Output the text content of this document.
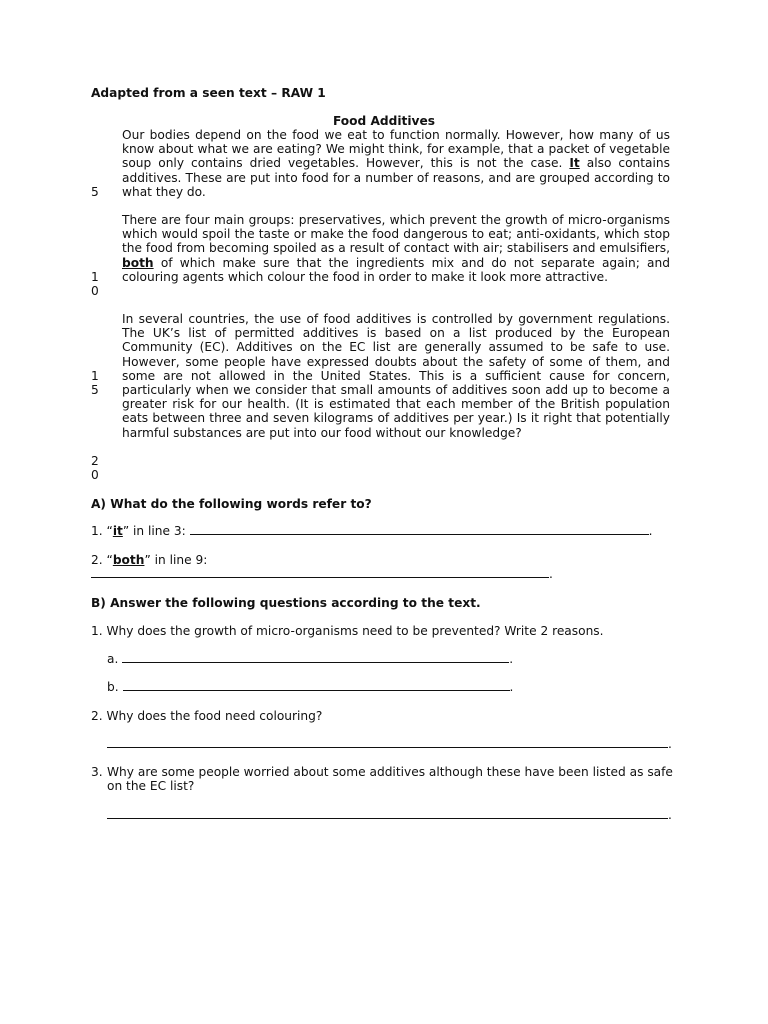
Adapted from a seen text – RAW 1
Food Additives
Our bodies depend on the food we eat to function normally. However, how many of us know about what we are eating? We might think, for example, that a packet of vegetable soup only contains dried vegetables. However, this is not the case. It also contains additives. These are put into food for a number of reasons, and are grouped according to what they do.
There are four main groups: preservatives, which prevent the growth of micro-organisms which would spoil the taste or make the food dangerous to eat; anti-oxidants, which stop the food from becoming spoiled as a result of contact with air; stabilisers and emulsifiers, both of which make sure that the ingredients mix and do not separate again; and colouring agents which colour the food in order to make it look more attractive.
In several countries, the use of food additives is controlled by government regulations. The UK’s list of permitted additives is based on a list produced by the European Community (EC). Additives on the EC list are generally assumed to be safe to use. However, some people have expressed doubts about the safety of some of them, and some are not allowed in the United States. This is a sufficient cause for concern, particularly when we consider that small amounts of additives soon add up to become a greater risk for our health. (It is estimated that each member of the British population eats between three and seven kilograms of additives per year.) Is it right that potentially harmful substances are put into our food without our knowledge?
5
1
0
1
5
2
0
A) What do the following words refer to?
1. “it” in line 3:	.
2. “both” in line 9:
.
B) Answer the following questions according to the text.
1. Why does the growth of micro-organisms need to be prevented? Write 2 reasons.
a.	.
b.	.
2. Why does the food need colouring?
.
3. Why are some people worried about some additives although these have been listed as safe on the EC list?
.
